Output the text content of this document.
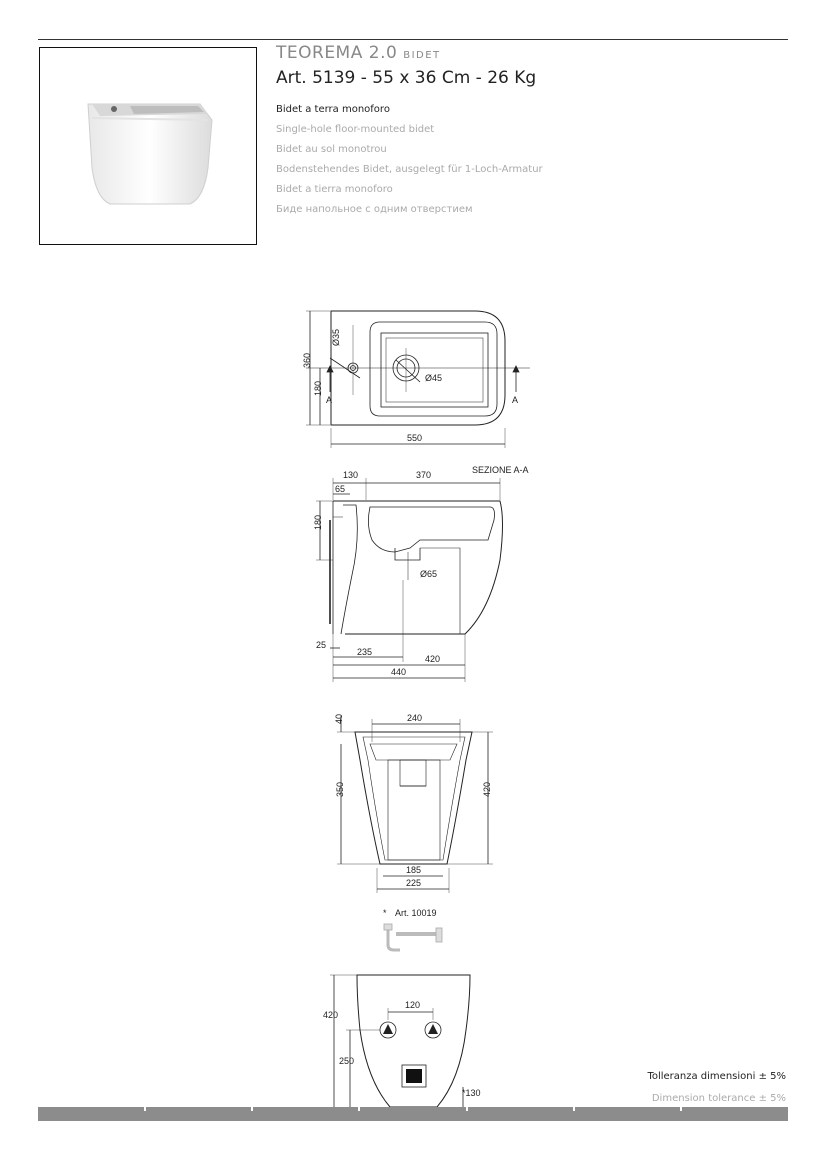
TEOREMA 2.0 BIDET
Art. 5139 - 55 x 36 Cm - 26 Kg
Bidet a terra monoforo
Single-hole floor-mounted bidet
Bidet au sol monotrou
Bodenstehendes Bidet, ausgelegt für 1-Loch-Armatur
Bidet a tierra monoforo
Биде напольное с одним отверстием
360
180
Ø35
Ø45
A	A
550
SEZIONE A-A
130	370
65
180
Ø65
25
235
420
440
240
40
350	420
185
225
* Art. 10019
420
120
250
*130
Tolleranza dimensioni ± 5%
Dimension tolerance ± 5%
